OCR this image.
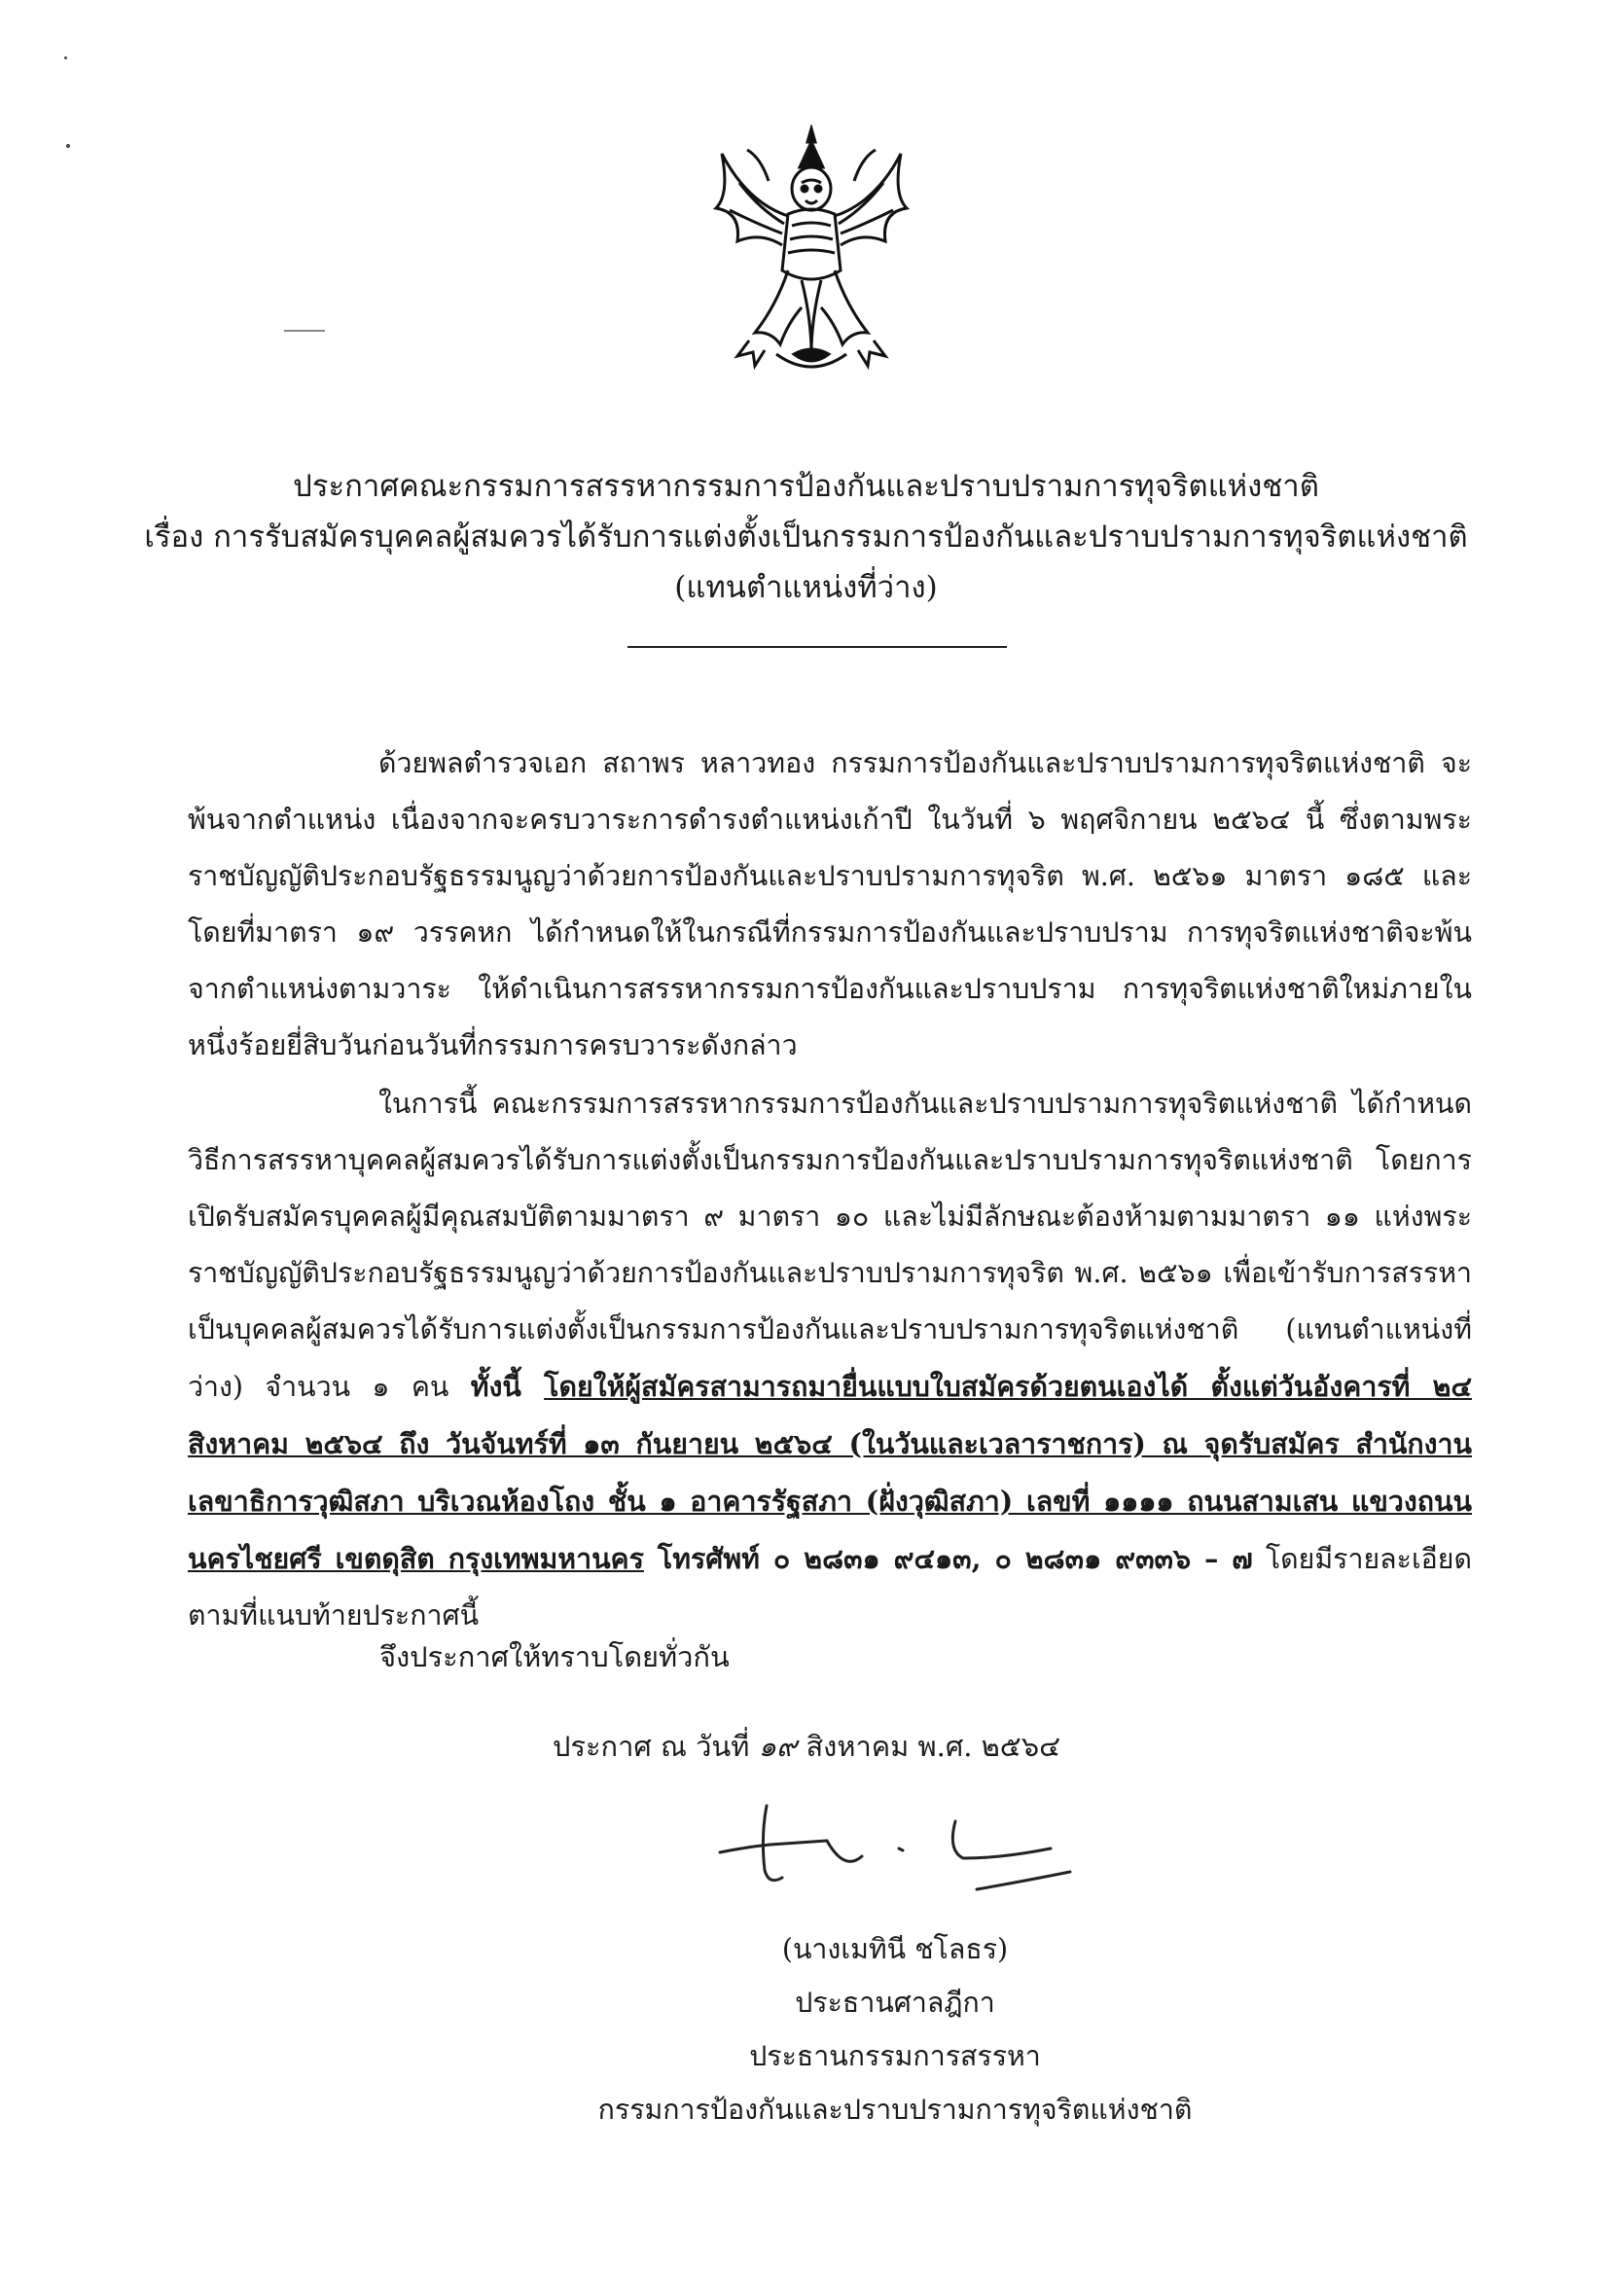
ประกาศคณะกรรมการสรรหากรรมการป้องกันและปราบปรามการทุจริตแห่งชาติ
เรื่อง การรับสมัครบุคคลผู้สมควรได้รับการแต่งตั้งเป็นกรรมการป้องกันและปราบปรามการทุจริตแห่งชาติ
(แทนตำแหน่งที่ว่าง)

ด้วยพลตำรวจเอก สถาพร หลาวทอง กรรมการป้องกันและปราบปรามการทุจริตแห่งชาติ จะพ้นจากตำแหน่ง เนื่องจากจะครบวาระการดำรงตำแหน่งเก้าปี ในวันที่ ๖ พฤศจิกายน ๒๕๖๔ นี้ ซึ่งตามพระราชบัญญัติประกอบรัฐธรรมนูญว่าด้วยการป้องกันและปราบปรามการทุจริต พ.ศ. ๒๕๖๑ มาตรา ๑๘๕ และโดยที่มาตรา ๑๙ วรรคหก ได้กำหนดให้ในกรณีที่กรรมการป้องกันและปราบปราม การทุจริตแห่งชาติจะพ้นจากตำแหน่งตามวาระ ให้ดำเนินการสรรหากรรมการป้องกันและปราบปราม การทุจริตแห่งชาติใหม่ภายในหนึ่งร้อยยี่สิบวันก่อนวันที่กรรมการครบวาระดังกล่าว

ในการนี้ คณะกรรมการสรรหากรรมการป้องกันและปราบปรามการทุจริตแห่งชาติ ได้กำหนดวิธีการสรรหาบุคคลผู้สมควรได้รับการแต่งตั้งเป็นกรรมการป้องกันและปราบปรามการทุจริตแห่งชาติ โดยการเปิดรับสมัครบุคคลผู้มีคุณสมบัติตามมาตรา ๙ มาตรา ๑๐ และไม่มีลักษณะต้องห้ามตามมาตรา ๑๑ แห่งพระราชบัญญัติประกอบรัฐธรรมนูญว่าด้วยการป้องกันและปราบปรามการทุจริต พ.ศ. ๒๕๖๑ เพื่อเข้ารับการสรรหาเป็นบุคคลผู้สมควรได้รับการแต่งตั้งเป็นกรรมการป้องกันและปราบปรามการทุจริตแห่งชาติ (แทนตำแหน่งที่ว่าง) จำนวน ๑ คน ทั้งนี้ โดยให้ผู้สมัครสามารถมายื่นแบบใบสมัครด้วยตนเองได้ ตั้งแต่วันอังคารที่ ๒๔ สิงหาคม ๒๕๖๔ ถึง วันจันทร์ที่ ๑๓ กันยายน ๒๕๖๔ (ในวันและเวลาราชการ) ณ จุดรับสมัคร สำนักงานเลขาธิการวุฒิสภา บริเวณห้องโถง ชั้น ๑ อาคารรัฐสภา (ฝั่งวุฒิสภา) เลขที่ ๑๑๑๑ ถนนสามเสน แขวงถนนนครไชยศรี เขตดุสิต กรุงเทพมหานคร โทรศัพท์ ๐ ๒๘๓๑ ๙๔๑๓, ๐ ๒๘๓๑ ๙๓๓๖ – ๗ โดยมีรายละเอียดตามที่แนบท้ายประกาศนี้

จึงประกาศให้ทราบโดยทั่วกัน
ประกาศ ณ วันที่ ๑๙ สิงหาคม พ.ศ. ๒๕๖๔
(นางเมทินี ชโลธร)
ประธานศาลฎีกา
ประธานกรรมการสรรหา
กรรมการป้องกันและปราบปรามการทุจริตแห่งชาติ
